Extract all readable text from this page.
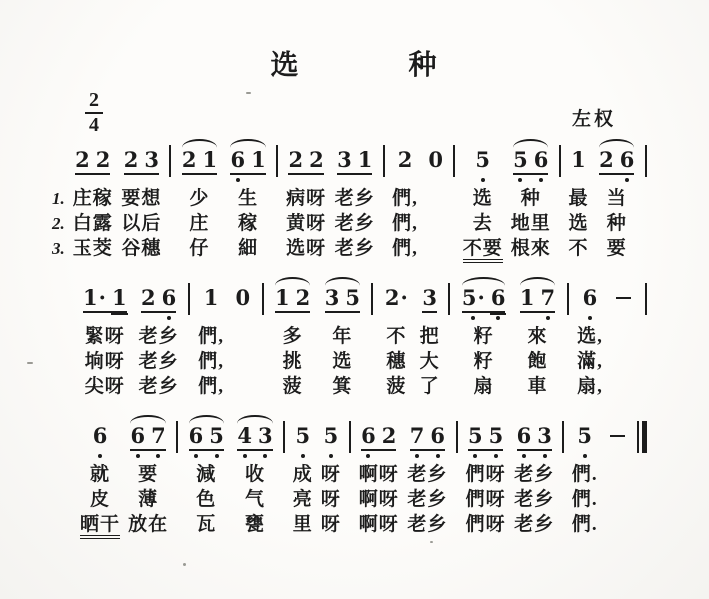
选	种
$\frac{2}{4}$	左权
1.
2.
3.
2 2
庄稼
白露
玉茭
2 3
要想
以后
谷穗
2 1
少
庄
仔
6 1
生
稼
細
2 2
病呀
黄呀
选呀
3 1
老乡
老乡
老乡
2
們,
們,
們,
0 5
选
去
不要
5 6
种
地里
根來
1
最
选
不
2 6
当
种
要
1 · 1
緊呀
垧呀
尖呀
2 6
老乡
老乡
老乡
1
們,
們,
們,
0 1 2
多
挑
菠
3 5
年
选
箕
2 ·
不
穗
菠
3
把
大
了
5 · 6
籽
籽
扇
1 7
來
飽
車
6
选,
滿,
扇,
6
就
皮
晒干
6 7
要
薄
放在
6 5
減
色
瓦
4 3
收
气
甕
5
成
亮
里
5
呀
呀
呀
6 2
啊呀
啊呀
啊呀
7 6
老乡
老乡
老乡
5 5
們呀
們呀
們呀
6 3
老乡
老乡
老乡
5
們.
們.
們.
